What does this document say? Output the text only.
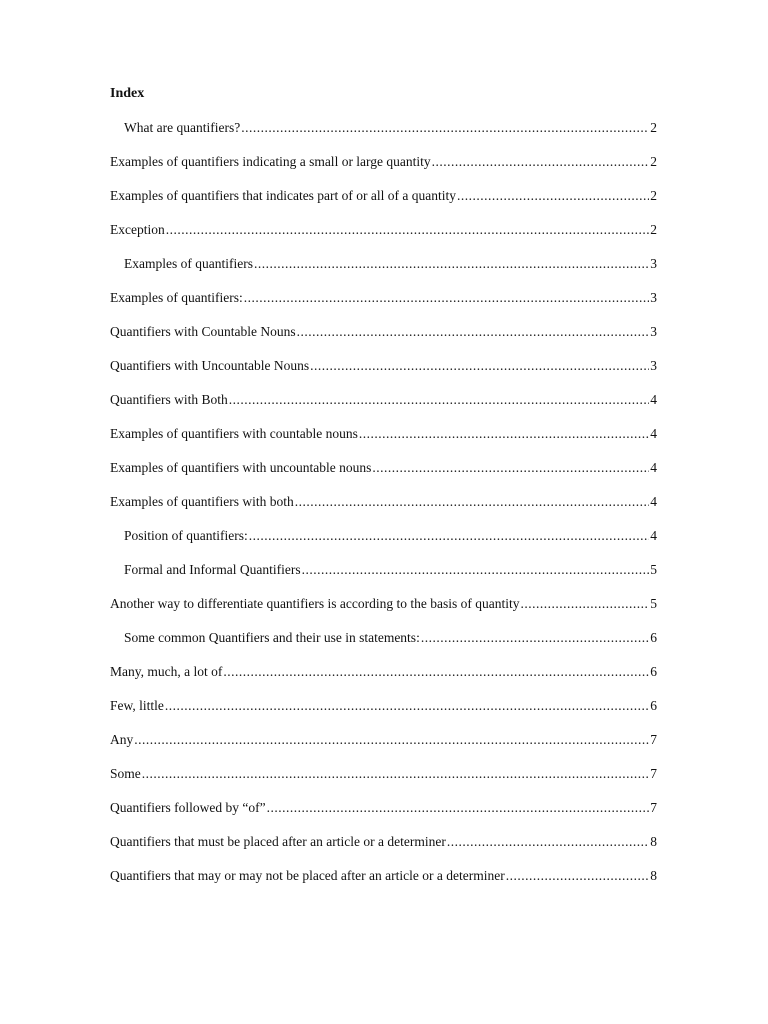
Index
What are quantifiers? .....	2
Examples of quantifiers indicating a small or large quantity .....	2
Examples of quantifiers that indicates part of or all of a quantity .....	2
Exception .....	2
Examples of quantifiers .....	3
Examples of quantifiers: .....	3
Quantifiers with Countable Nouns .....	3
Quantifiers with Uncountable Nouns .....	3
Quantifiers with Both .....	4
Examples of quantifiers with countable nouns .....	4
Examples of quantifiers with uncountable nouns .....	4
Examples of quantifiers with both .....	4
Position of quantifiers: .....	4
Formal and Informal Quantifiers .....	5
Another way to differentiate quantifiers is according to the basis of quantity .....	5
Some common Quantifiers and their use in statements: .....	6
Many, much, a lot of .....	6
Few, little .....	6
Any .....	7
Some .....	7
Quantifiers followed by “of” .....	7
Quantifiers that must be placed after an article or a determiner .....	8
Quantifiers that may or may not be placed after an article or a determiner .....	8
